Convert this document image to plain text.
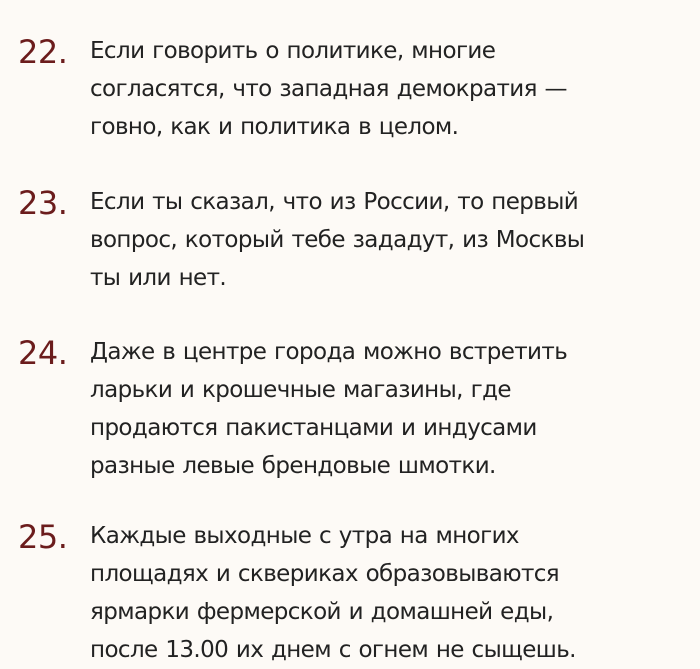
22. Если говорить о политике, многие
согласятся, что западная демократия —
говно, как и политика в целом.
23. Если ты сказал, что из России, то первый
вопрос, который тебе зададут, из Москвы
ты или нет.
24. Даже в центре города можно встретить
ларьки и крошечные магазины, где
продаются пакистанцами и индусами
разные левые брендовые шмотки.
25. Каждые выходные с утра на многих
площадях и сквериках образовываются
ярмарки фермерской и домашней еды,
после 13.00 их днем с огнем не сыщешь.
